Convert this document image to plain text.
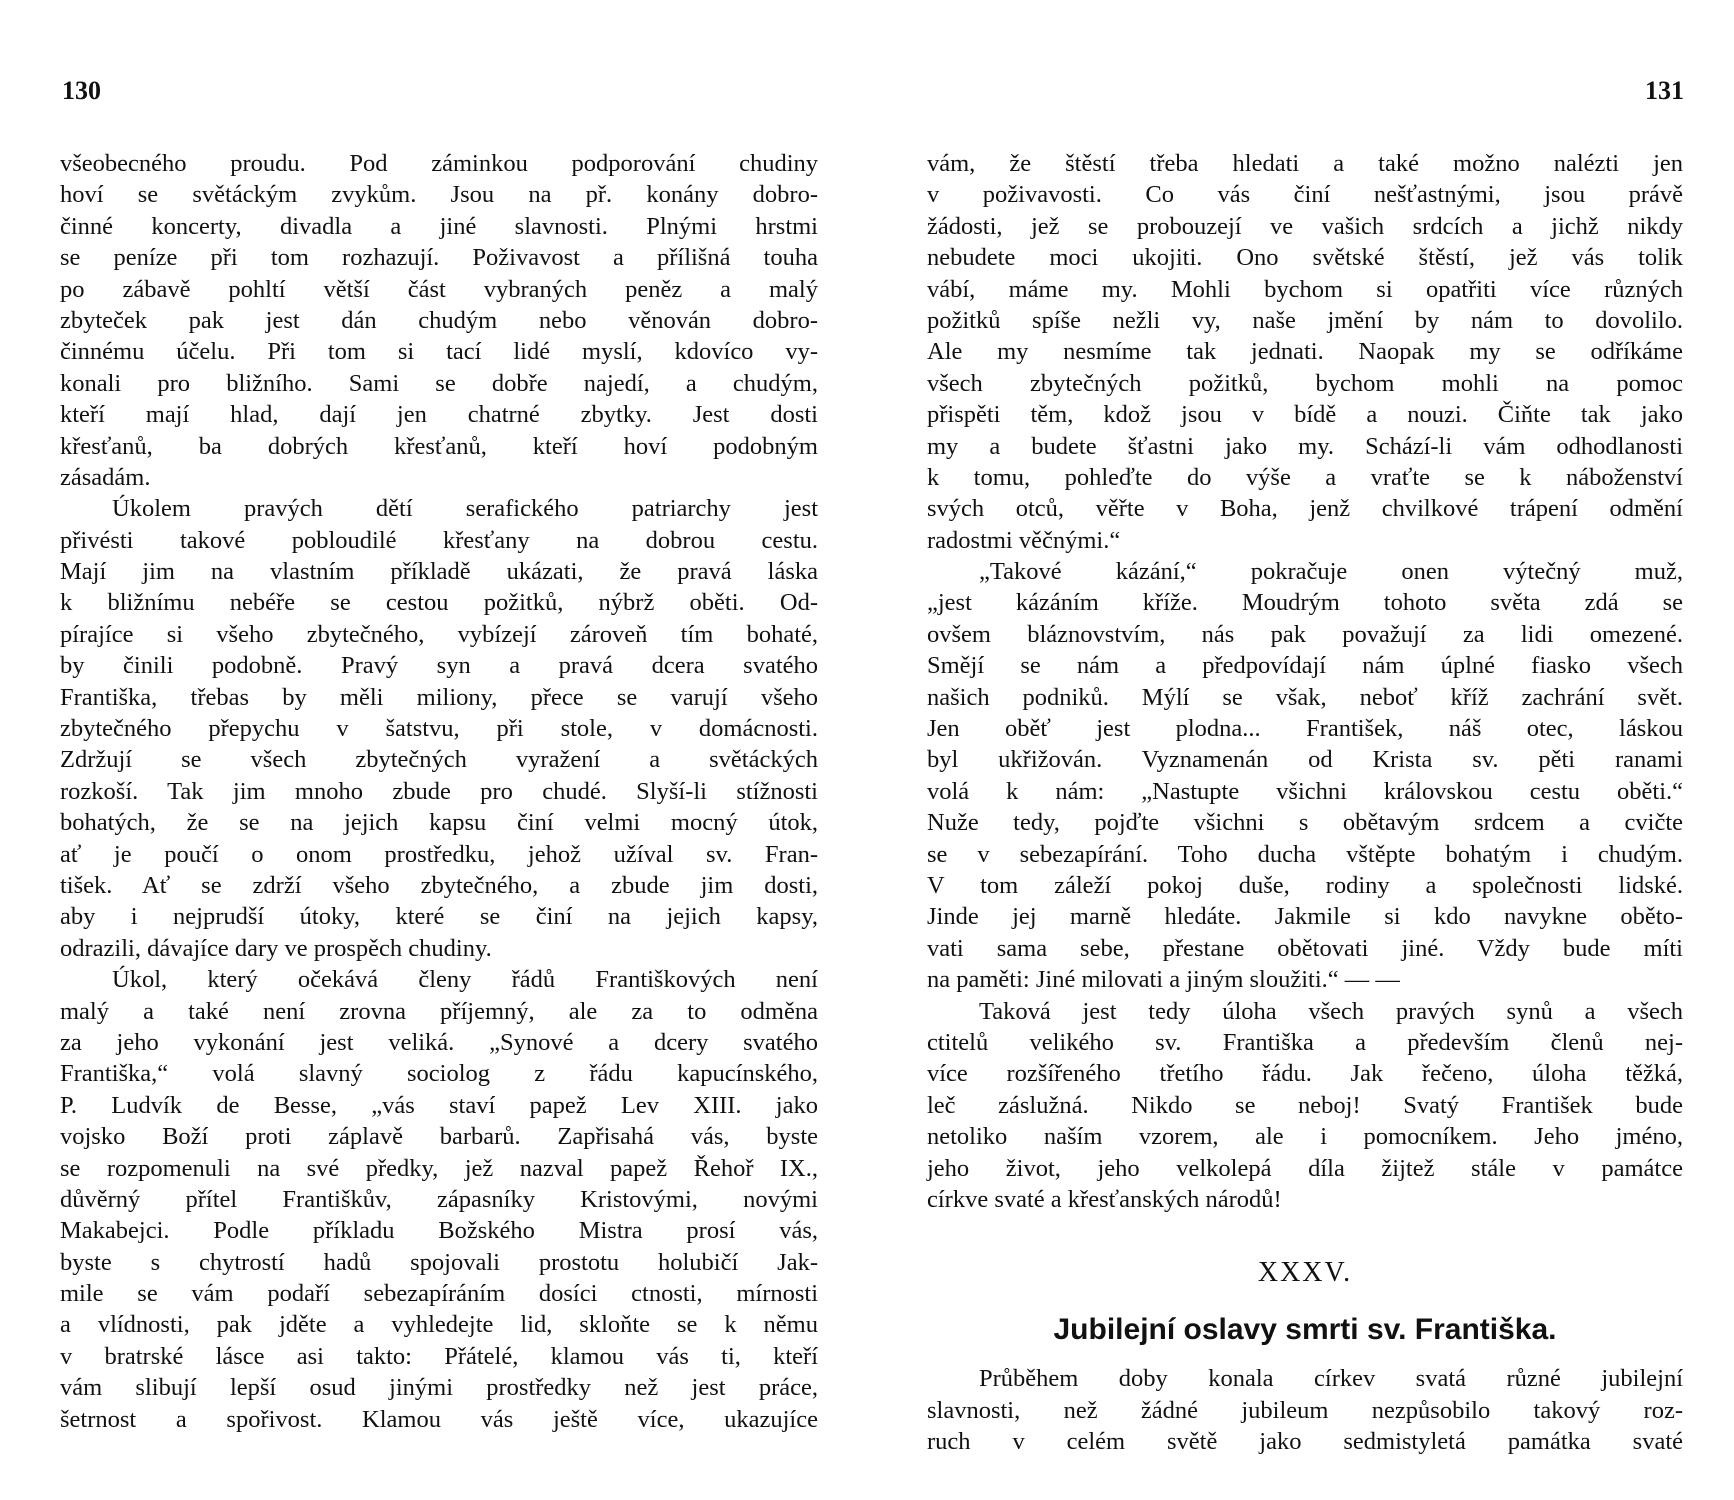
130
všeobecného proudu. Pod záminkou podporování chudiny
hoví se světáckým zvykům. Jsou na př. konány dobro-
činné koncerty, divadla a jiné slavnosti. Plnými hrstmi
se peníze při tom rozhazují. Poživavost a přílišná touha
po zábavě pohltí větší část vybraných peněz a malý
zbyteček pak jest dán chudým nebo věnován dobro-
činnému účelu. Při tom si tací lidé myslí, kdovíco vy-
konali pro bližního. Sami se dobře najedí, a chudým,
kteří mají hlad, dají jen chatrné zbytky. Jest dosti
křesťanů, ba dobrých křesťanů, kteří hoví podobným
zásadám.
Úkolem pravých dětí serafického patriarchy jest
přivésti takové pobloudilé křesťany na dobrou cestu.
Mají jim na vlastním příkladě ukázati, že pravá láska
k bližnímu nebéře se cestou požitků, nýbrž oběti. Od-
pírajíce si všeho zbytečného, vybízejí zároveň tím bohaté,
by činili podobně. Pravý syn a pravá dcera svatého
Františka, třebas by měli miliony, přece se varují všeho
zbytečného přepychu v šatstvu, při stole, v domácnosti.
Zdržují se všech zbytečných vyražení a světáckých
rozkoší. Tak jim mnoho zbude pro chudé. Slyší-li stížnosti
bohatých, že se na jejich kapsu činí velmi mocný útok,
ať je poučí o onom prostředku, jehož užíval sv. Fran-
tišek. Ať se zdrží všeho zbytečného, a zbude jim dosti,
aby i nejprudší útoky, které se činí na jejich kapsy,
odrazili, dávajíce dary ve prospěch chudiny.
Úkol, který očekává členy řádů Františkových není
malý a také není zrovna příjemný, ale za to odměna
za jeho vykonání jest veliká. „Synové a dcery svatého
Františka,“ volá slavný sociolog z řádu kapucínského,
P. Ludvík de Besse, „vás staví papež Lev XIII. jako
vojsko Boží proti záplavě barbarů. Zapřisahá vás, byste
se rozpomenuli na své předky, jež nazval papež Řehoř IX.,
důvěrný přítel Františkův, zápasníky Kristovými, novými
Makabejci. Podle příkladu Božského Mistra prosí vás,
byste s chytrostí hadů spojovali prostotu holubičí Jak-
mile se vám podaří sebezapíráním dosíci ctnosti, mírnosti
a vlídnosti, pak jděte a vyhledejte lid, skloňte se k němu
v bratrské lásce asi takto: Přátelé, klamou vás ti, kteří
vám slibují lepší osud jinými prostředky než jest práce,
šetrnost a spořivost. Klamou vás ještě více, ukazujíce
131
vám, že štěstí třeba hledati a také možno nalézti jen
v poživavosti. Co vás činí nešťastnými, jsou právě
žádosti, jež se probouzejí ve vašich srdcích a jichž nikdy
nebudete moci ukojiti. Ono světské štěstí, jež vás tolik
vábí, máme my. Mohli bychom si opatřiti více různých
požitků spíše nežli vy, naše jmění by nám to dovolilo.
Ale my nesmíme tak jednati. Naopak my se odříkáme
všech zbytečných požitků, bychom mohli na pomoc
přispěti těm, kdož jsou v bídě a nouzi. Čiňte tak jako
my a budete šťastni jako my. Schází-li vám odhodlanosti
k tomu, pohleďte do výše a vraťte se k náboženství
svých otců, věřte v Boha, jenž chvilkové trápení odmění
radostmi věčnými.“
„Takové kázání,“ pokračuje onen výtečný muž,
„jest kázáním kříže. Moudrým tohoto světa zdá se
ovšem bláznovstvím, nás pak považují za lidi omezené.
Smějí se nám a předpovídají nám úplné fiasko všech
našich podniků. Mýlí se však, neboť kříž zachrání svět.
Jen oběť jest plodna... František, náš otec, láskou
byl ukřižován. Vyznamenán od Krista sv. pěti ranami
volá k nám: „Nastupte všichni královskou cestu oběti.“
Nuže tedy, pojďte všichni s obětavým srdcem a cvičte
se v sebezapírání. Toho ducha vštěpte bohatým i chudým.
V tom záleží pokoj duše, rodiny a společnosti lidské.
Jinde jej marně hledáte. Jakmile si kdo navykne oběto-
vati sama sebe, přestane obětovati jiné. Vždy bude míti
na paměti: Jiné milovati a jiným sloužiti.“ — —
Taková jest tedy úloha všech pravých synů a všech
ctitelů velikého sv. Františka a především členů nej-
více rozšířeného třetího řádu. Jak řečeno, úloha těžká,
leč záslužná. Nikdo se neboj! Svatý František bude
netoliko naším vzorem, ale i pomocníkem. Jeho jméno,
jeho život, jeho velkolepá díla žijtež stále v památce
církve svaté a křesťanských národů!
XXXV.
Jubilejní oslavy smrti sv. Františka.
Průběhem doby konala církev svatá různé jubilejní
slavnosti, než žádné jubileum nezpůsobilo takový roz-
ruch v celém světě jako sedmistyletá památka svaté
